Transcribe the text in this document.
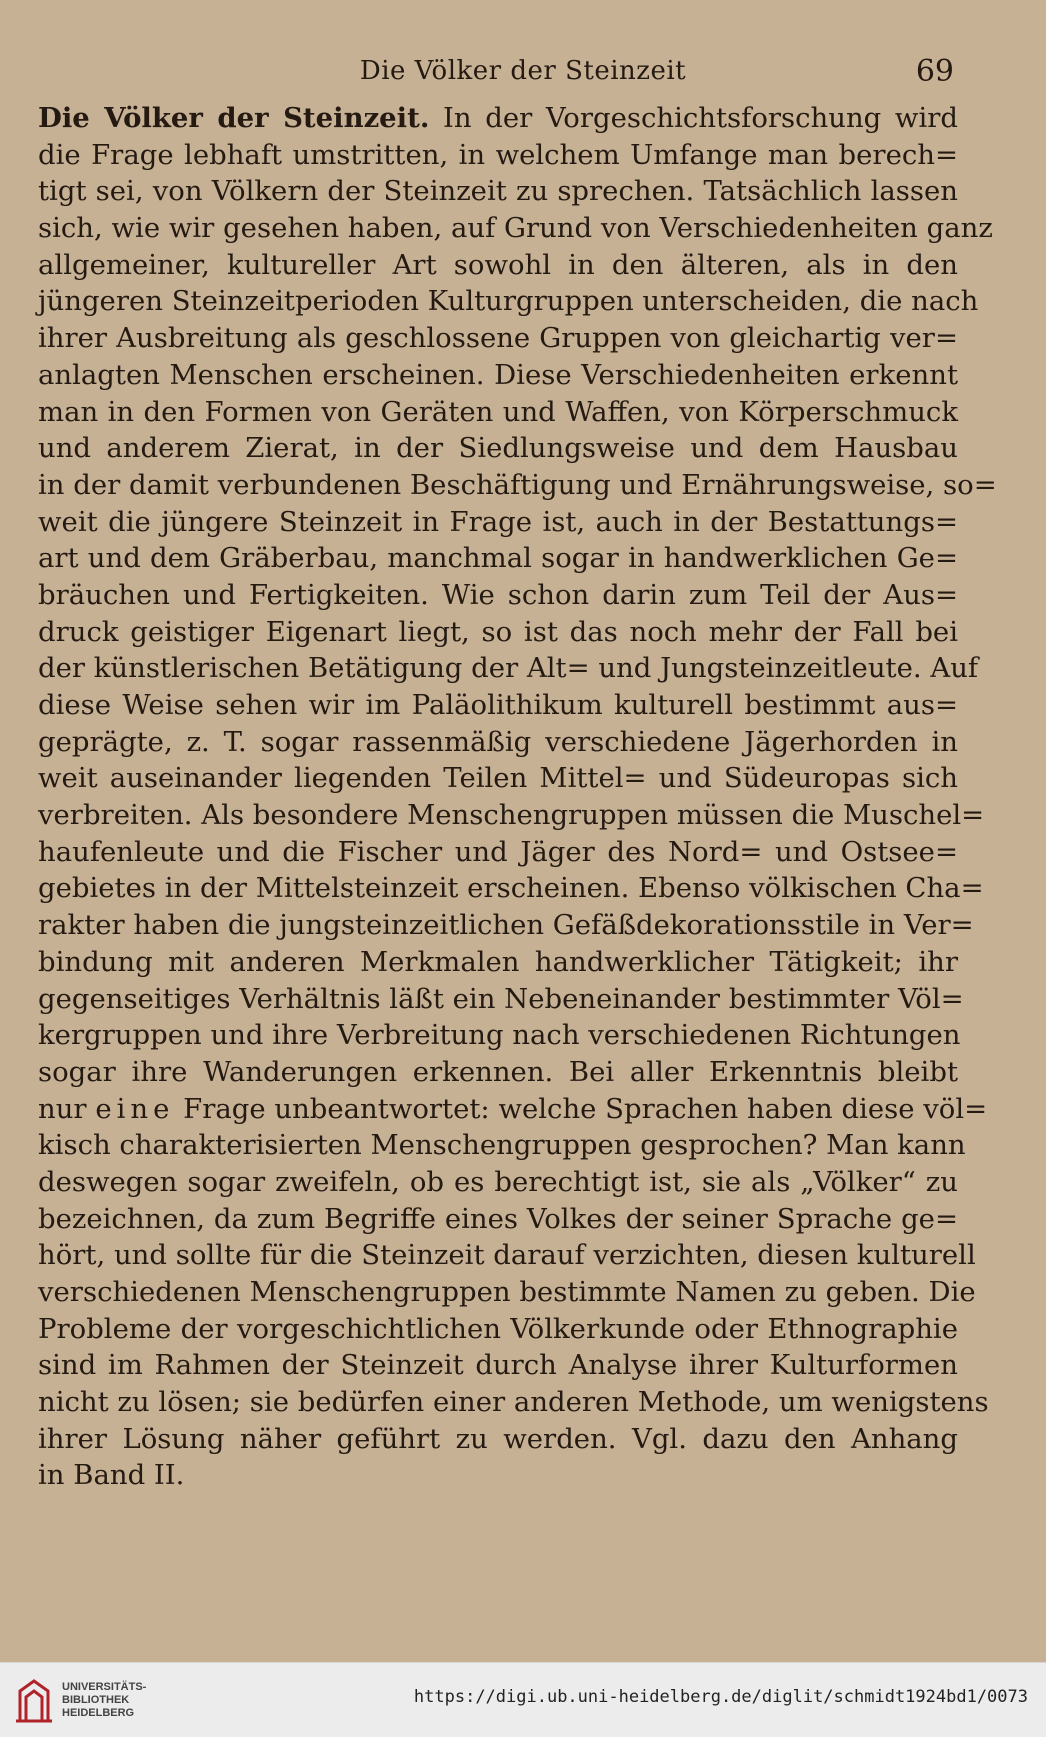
Die Völker der Steinzeit	69
Die Völker der Steinzeit. In der Vorgeschichtsforschung wird
die Frage lebhaft umstritten, in welchem Umfange man berech=
tigt sei, von Völkern der Steinzeit zu sprechen. Tatsächlich lassen
sich, wie wir gesehen haben, auf Grund von Verschiedenheiten ganz
allgemeiner, kultureller Art sowohl in den älteren, als in den
jüngeren Steinzeitperioden Kulturgruppen unterscheiden, die nach
ihrer Ausbreitung als geschlossene Gruppen von gleichartig ver=
anlagten Menschen erscheinen. Diese Verschiedenheiten erkennt
man in den Formen von Geräten und Waffen, von Körperschmuck
und anderem Zierat, in der Siedlungsweise und dem Hausbau
in der damit verbundenen Beschäftigung und Ernährungsweise, so=
weit die jüngere Steinzeit in Frage ist, auch in der Bestattungs=
art und dem Gräberbau, manchmal sogar in handwerklichen Ge=
bräuchen und Fertigkeiten. Wie schon darin zum Teil der Aus=
druck geistiger Eigenart liegt, so ist das noch mehr der Fall bei
der künstlerischen Betätigung der Alt= und Jungsteinzeitleute. Auf
diese Weise sehen wir im Paläolithikum kulturell bestimmt aus=
geprägte, z. T. sogar rassenmäßig verschiedene Jägerhorden in
weit auseinander liegenden Teilen Mittel= und Südeuropas sich
verbreiten. Als besondere Menschengruppen müssen die Muschel=
haufenleute und die Fischer und Jäger des Nord= und Ostsee=
gebietes in der Mittelsteinzeit erscheinen. Ebenso völkischen Cha=
rakter haben die jungsteinzeitlichen Gefäßdekorationsstile in Ver=
bindung mit anderen Merkmalen handwerklicher Tätigkeit; ihr
gegenseitiges Verhältnis läßt ein Nebeneinander bestimmter Völ=
kergruppen und ihre Verbreitung nach verschiedenen Richtungen
sogar ihre Wanderungen erkennen. Bei aller Erkenntnis bleibt
nur eine Frage unbeantwortet: welche Sprachen haben diese völ=
kisch charakterisierten Menschengruppen gesprochen? Man kann
deswegen sogar zweifeln, ob es berechtigt ist, sie als „Völker“ zu
bezeichnen, da zum Begriffe eines Volkes der seiner Sprache ge=
hört, und sollte für die Steinzeit darauf verzichten, diesen kulturell
verschiedenen Menschengruppen bestimmte Namen zu geben. Die
Probleme der vorgeschichtlichen Völkerkunde oder Ethnographie
sind im Rahmen der Steinzeit durch Analyse ihrer Kulturformen
nicht zu lösen; sie bedürfen einer anderen Methode, um wenigstens
ihrer Lösung näher geführt zu werden. Vgl. dazu den Anhang
in Band II.
UNIVERSITÄTS-
BIBLIOTHEK
HEIDELBERG
https://digi.ub.uni-heidelberg.de/diglit/schmidt1924bd1/0073
